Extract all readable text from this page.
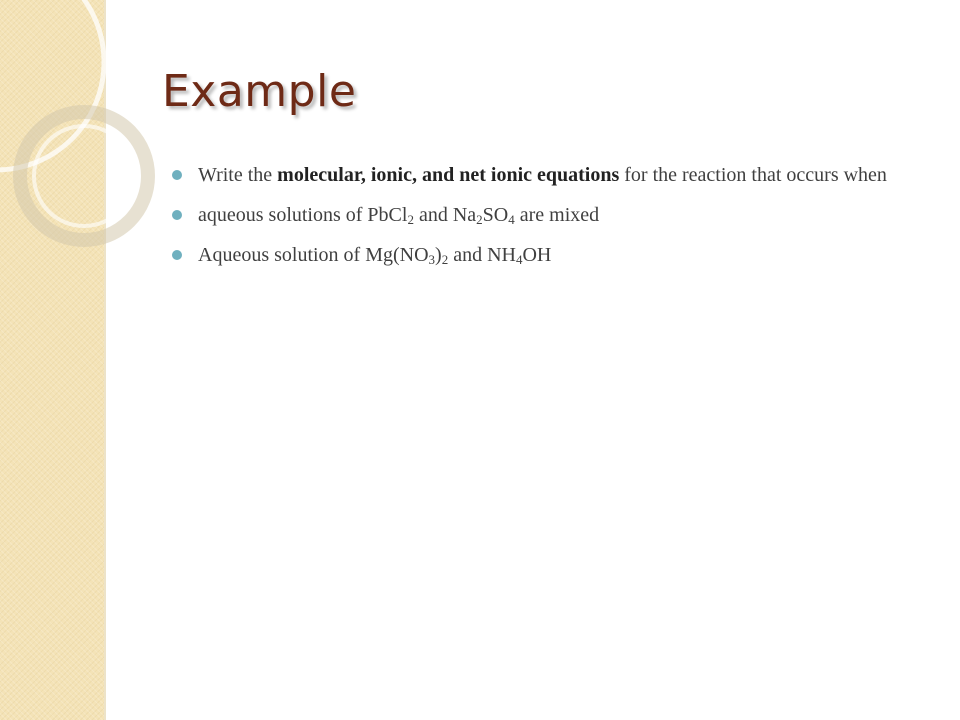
Example
Write the molecular, ionic, and net ionic equations for the reaction that occurs when
aqueous solutions of PbCl$_2$ and $Na_2SO_4$ are mixed
Aqueous solution of $Mg(NO_3)_2$ and $NH_4OH$
